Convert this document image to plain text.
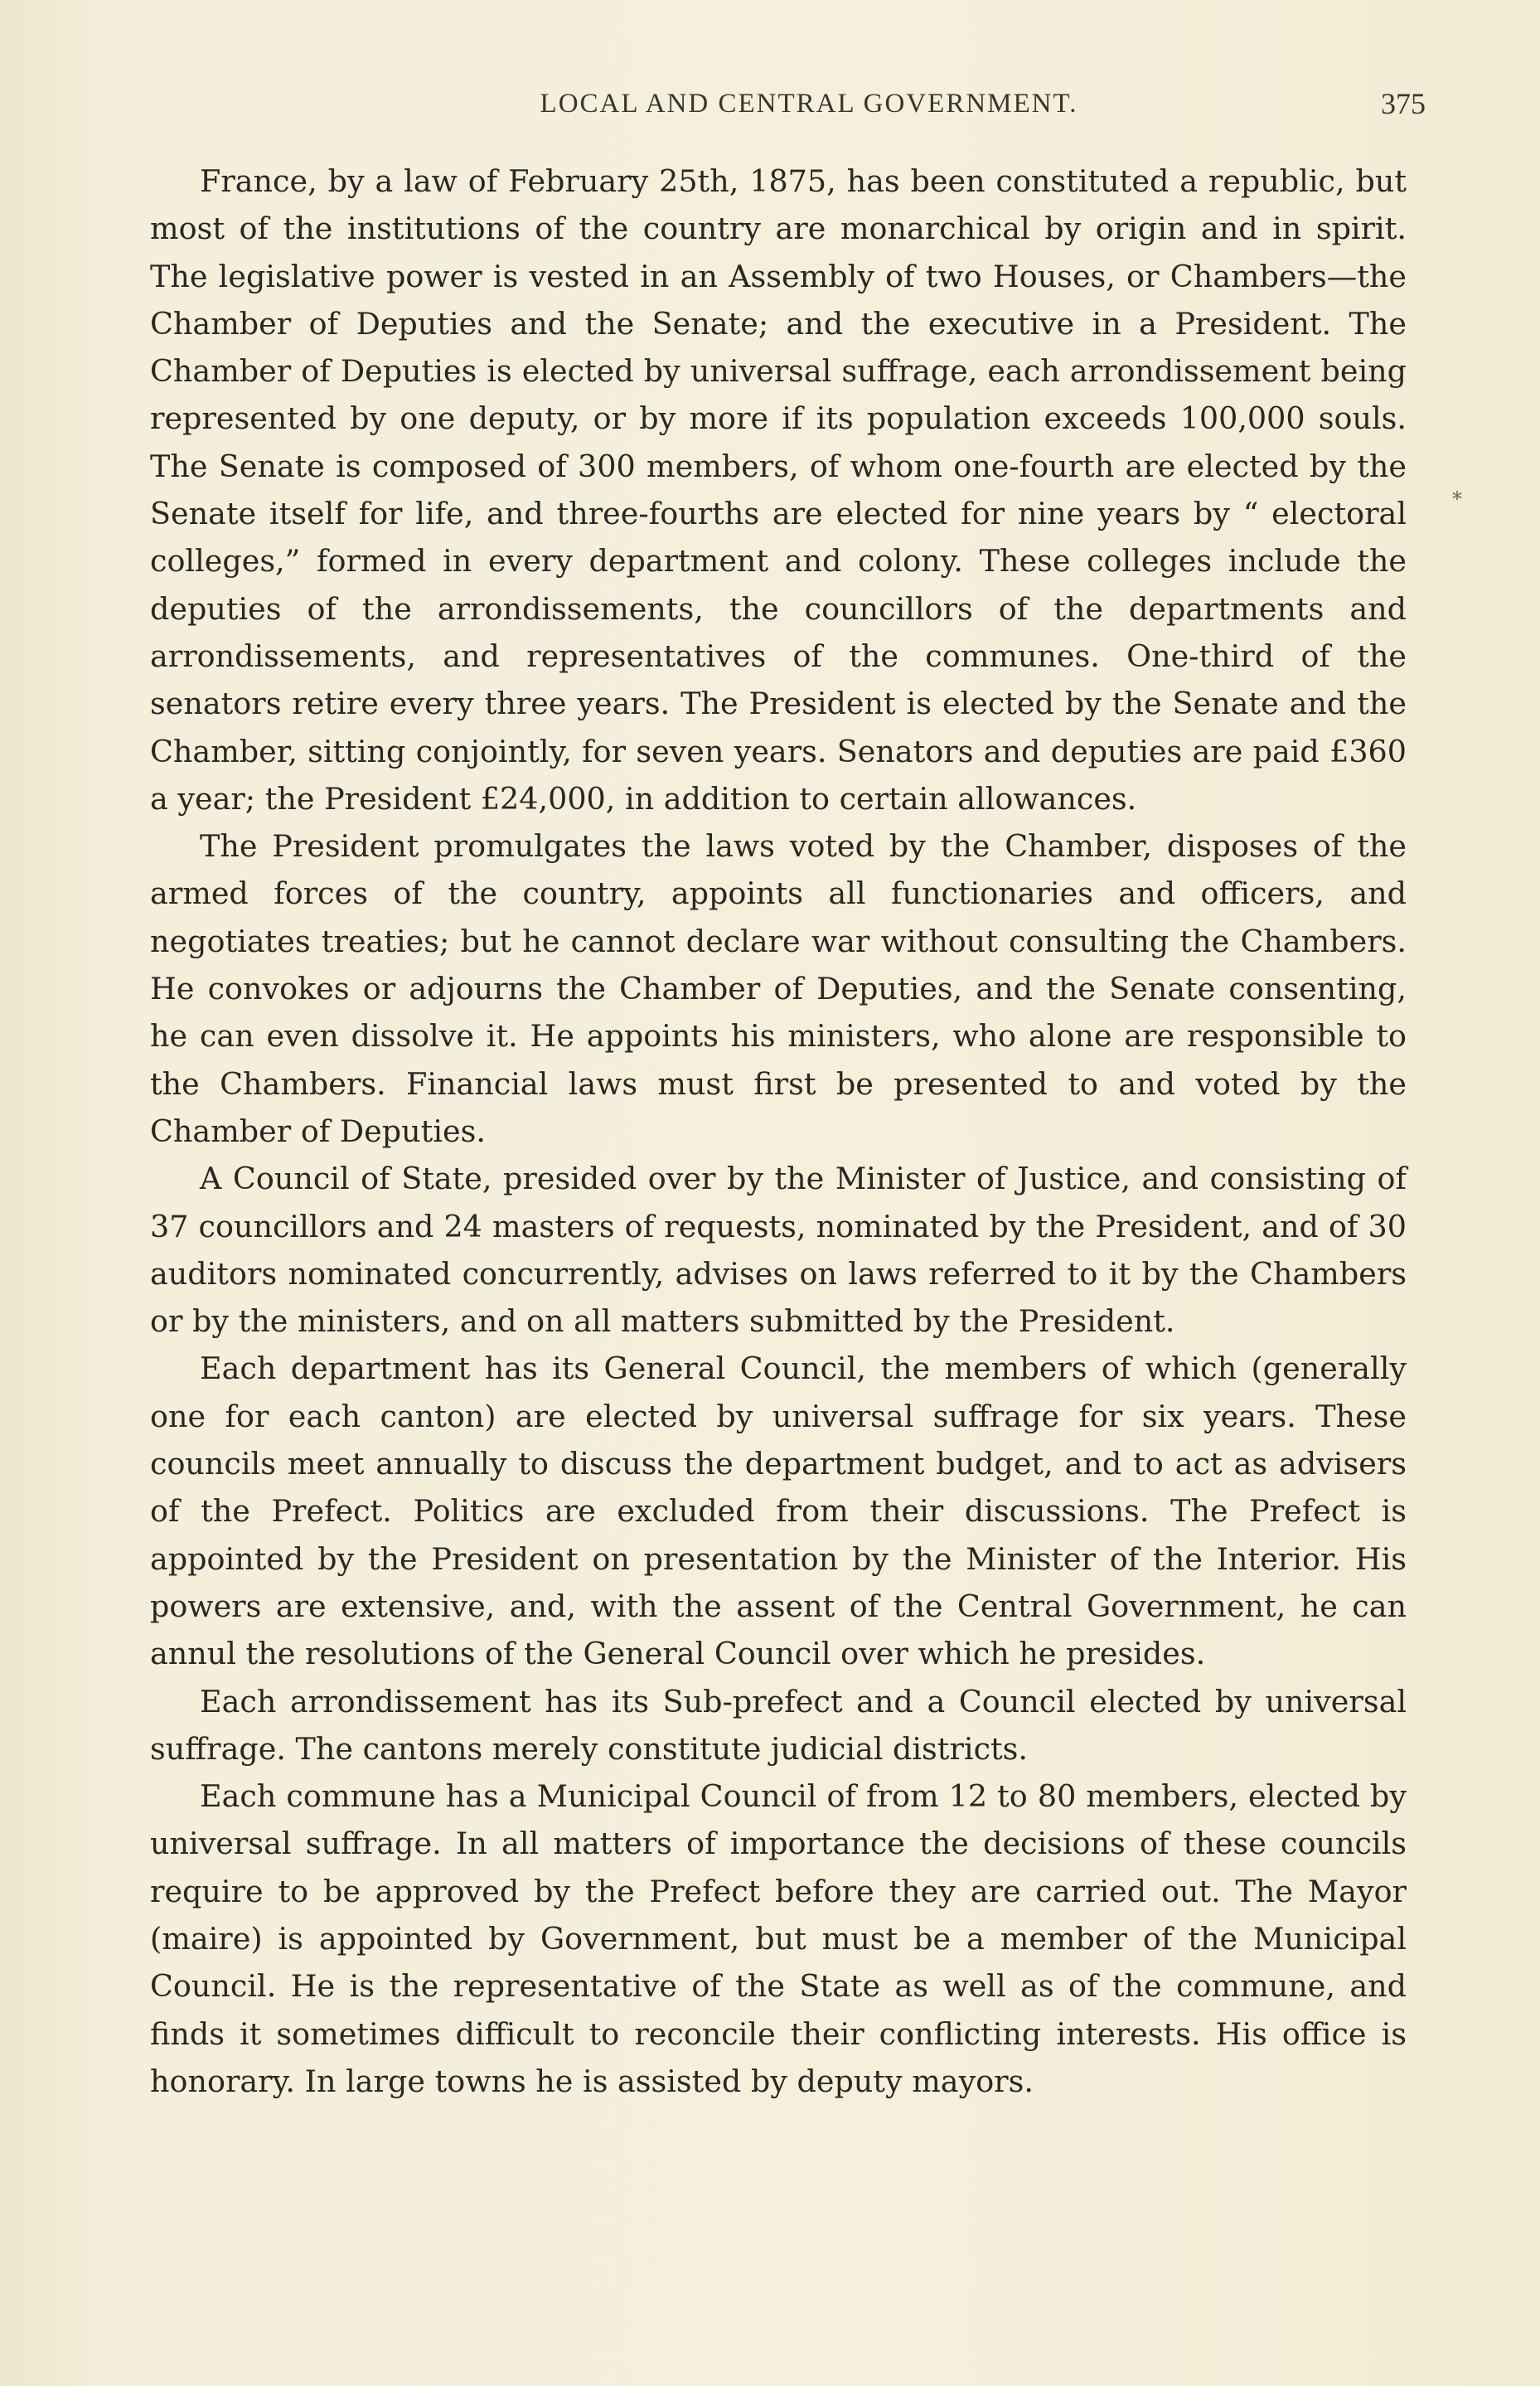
LOCAL AND CENTRAL GOVERNMENT.	375
*

France, by a law of February 25th, 1875, has been constituted a republic, but most of the institutions of the country are monarchical by origin and in spirit. The legislative power is vested in an Assembly of two Houses, or Chambers—the Chamber of Deputies and the Senate; and the executive in a President. The Chamber of Deputies is elected by universal suffrage, each arrondissement being represented by one deputy, or by more if its population exceeds 100,000 souls. The Senate is composed of 300 members, of whom one-fourth are elected by the Senate itself for life, and three-fourths are elected for nine years by “ electoral colleges,” formed in every department and colony. These colleges include the deputies of the arrondissements, the councillors of the departments and arrondissements, and representatives of the communes. One-third of the senators retire every three years. The President is elected by the Senate and the Chamber, sitting conjointly, for seven years. Senators and deputies are paid £360 a year; the President £24,000, in addition to certain allowances.

The President promulgates the laws voted by the Chamber, disposes of the armed forces of the country, appoints all functionaries and officers, and negotiates treaties; but he cannot declare war without consulting the Chambers. He convokes or adjourns the Chamber of Deputies, and the Senate consenting, he can even dissolve it. He appoints his ministers, who alone are responsible to the Chambers. Financial laws must first be presented to and voted by the Chamber of Deputies.

A Council of State, presided over by the Minister of Justice, and consisting of 37 councillors and 24 masters of requests, nominated by the President, and of 30 auditors nominated concurrently, advises on laws referred to it by the Chambers or by the ministers, and on all matters submitted by the President.

Each department has its General Council, the members of which (generally one for each canton) are elected by universal suffrage for six years. These councils meet annually to discuss the department budget, and to act as advisers of the Prefect. Politics are excluded from their discussions. The Prefect is appointed by the President on presentation by the Minister of the Interior. His powers are extensive, and, with the assent of the Central Government, he can annul the resolutions of the General Council over which he presides.

Each arrondissement has its Sub-prefect and a Council elected by universal suffrage. The cantons merely constitute judicial districts.

Each commune has a Municipal Council of from 12 to 80 members, elected by universal suffrage. In all matters of importance the decisions of these councils require to be approved by the Prefect before they are carried out. The Mayor (maire) is appointed by Government, but must be a member of the Municipal Council. He is the representative of the State as well as of the commune, and finds it sometimes difficult to reconcile their conflicting interests. His office is honorary. In large towns he is assisted by deputy mayors.
